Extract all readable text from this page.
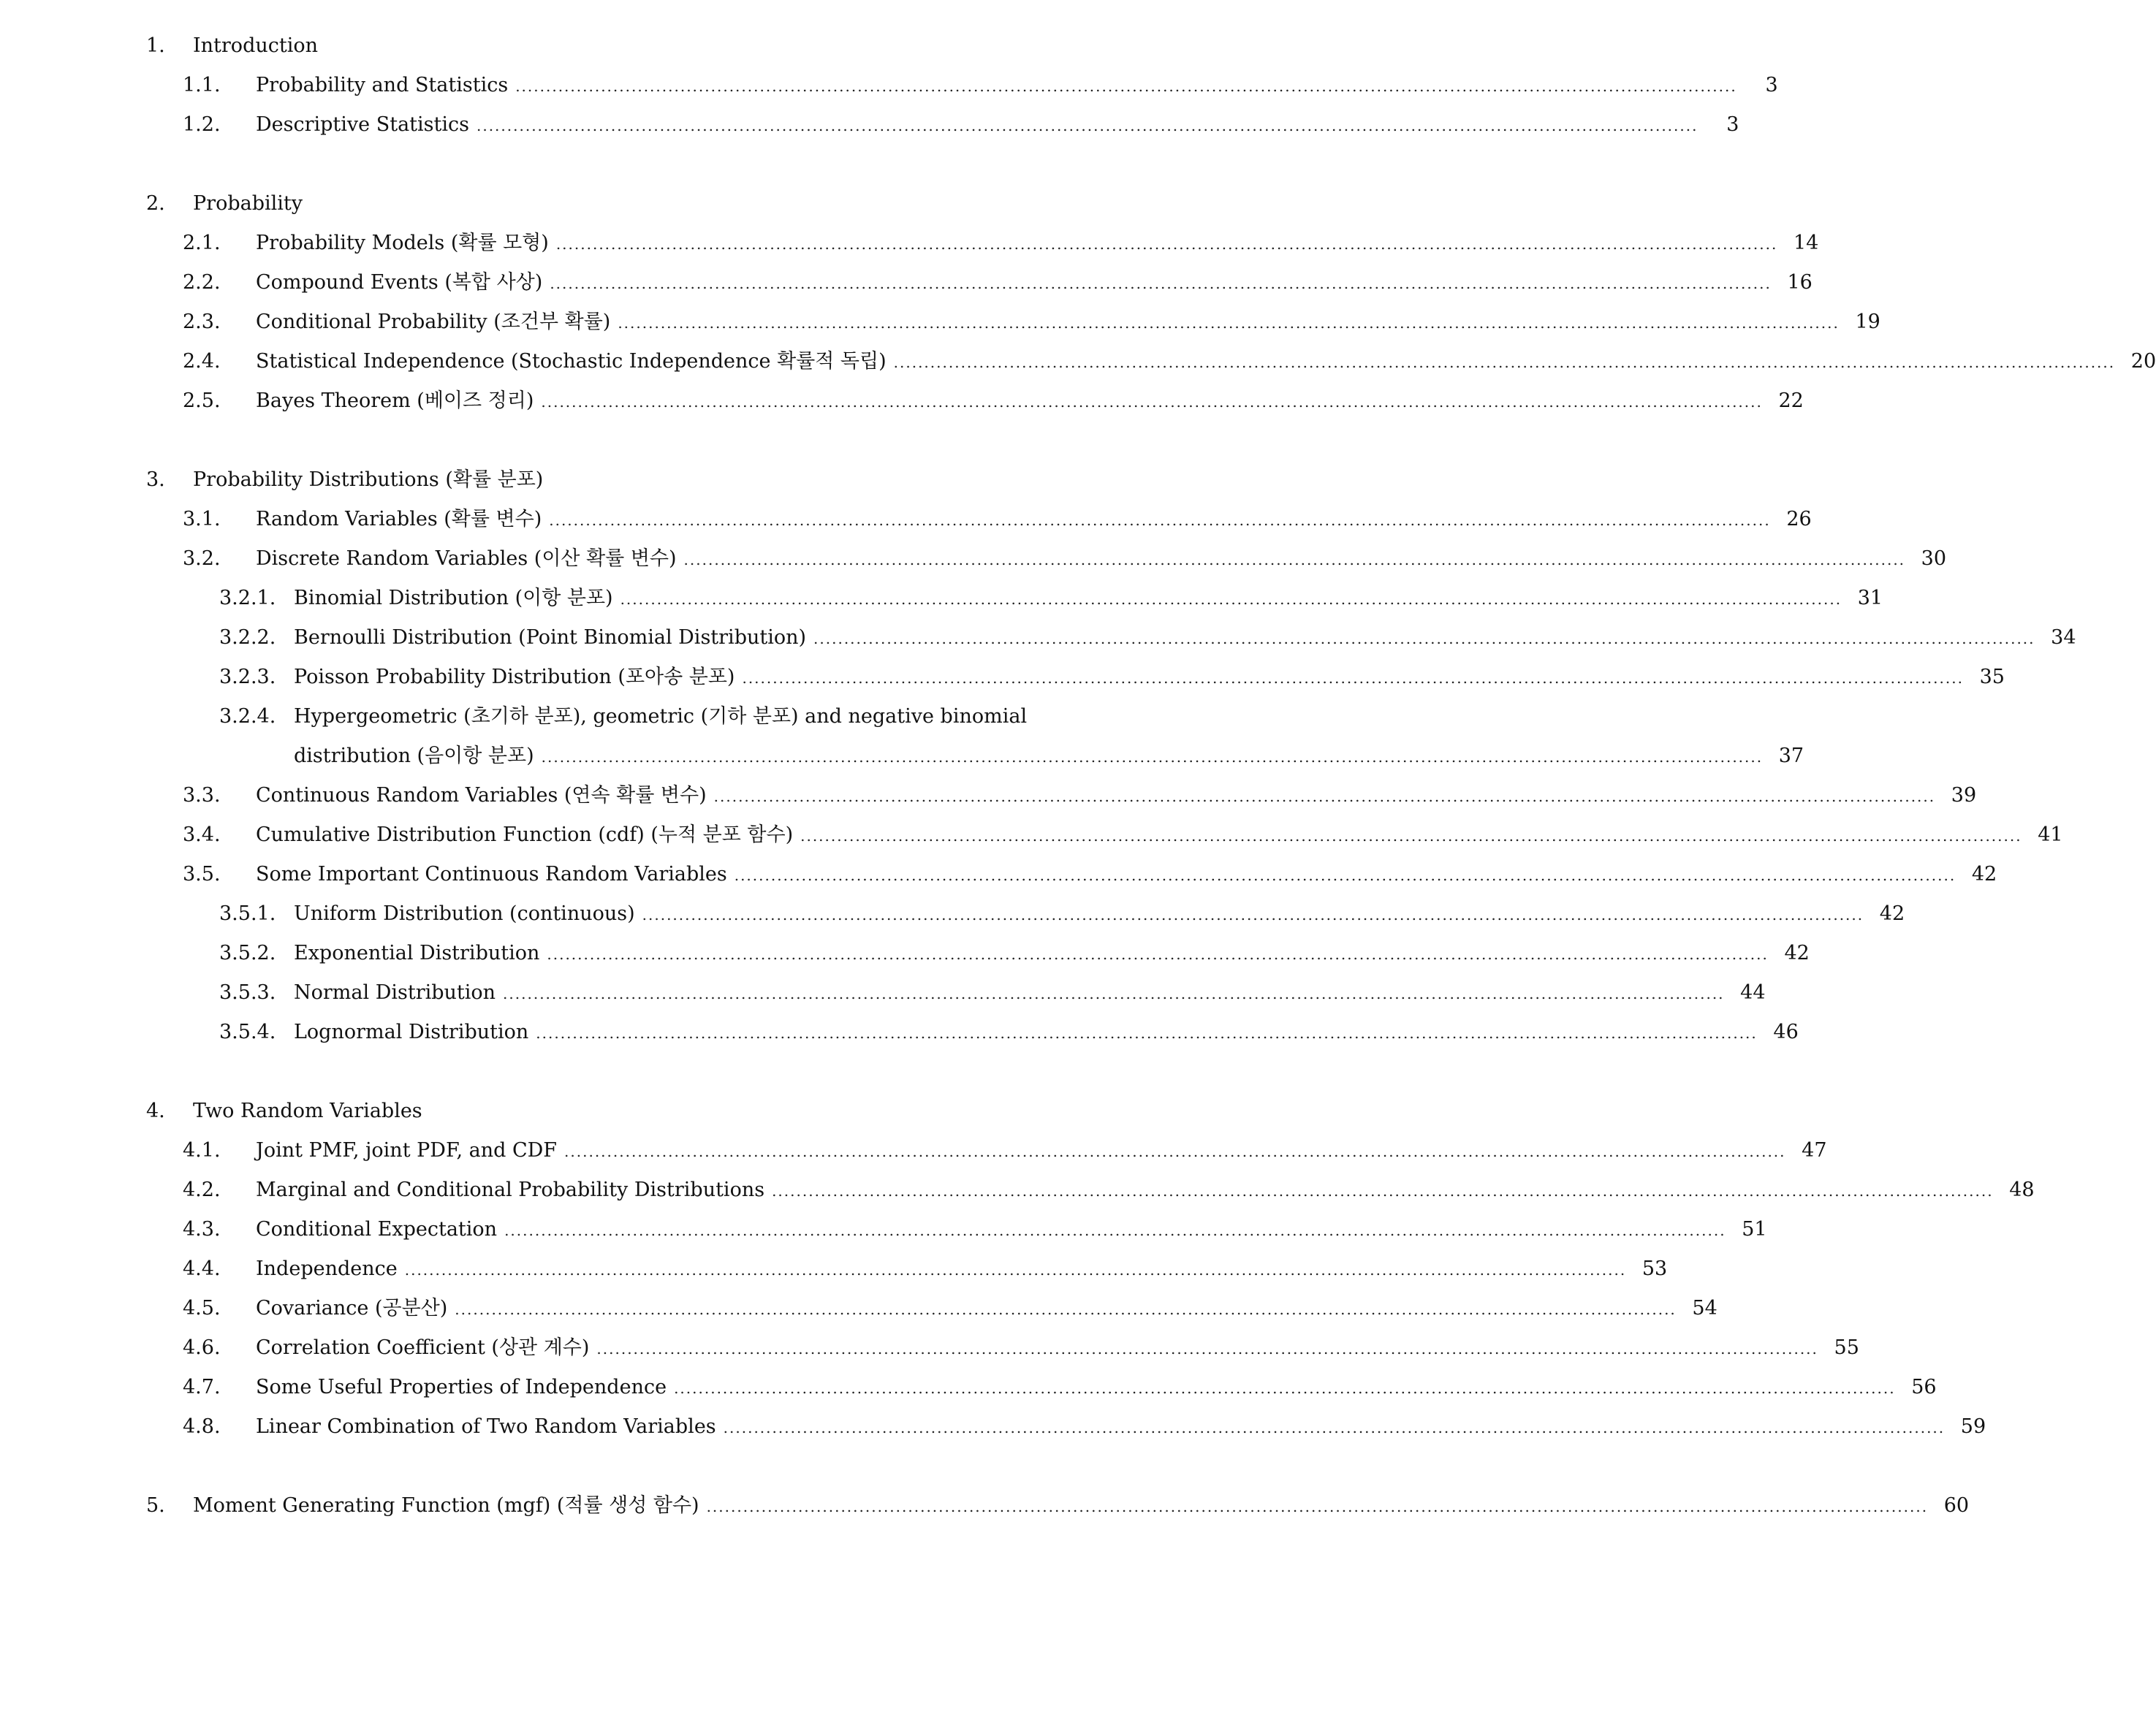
1. Introduction
1.1. Probability and Statistics ........................................................................................................................................................................................................	3
1.2. Descriptive Statistics ........................................................................................................................................................................................................	3
2. Probability
2.1. Probability Models (확률 모형) ........................................................................................................................................................................................................ 14
2.2. Compound Events (복합 사상) ........................................................................................................................................................................................................ 16
2.3. Conditional Probability (조건부 확률) ........................................................................................................................................................................................................ 19
2.4. Statistical Independence (Stochastic Independence 확률적 독립) ........................................................................................................................................................................................................ 20
2.5. Bayes Theorem (베이즈 정리) ........................................................................................................................................................................................................ 22
3. Probability Distributions (확률 분포)
3.1. Random Variables (확률 변수) ........................................................................................................................................................................................................ 26
3.2. Discrete Random Variables (이산 확률 변수) ........................................................................................................................................................................................................ 30
3.2.1. Binomial Distribution (이항 분포) ........................................................................................................................................................................................................ 31
3.2.2. Bernoulli Distribution (Point Binomial Distribution) ........................................................................................................................................................................................................ 34
3.2.3. Poisson Probability Distribution (포아송 분포) ........................................................................................................................................................................................................ 35
3.2.4. Hypergeometric (초기하 분포), geometric (기하 분포) and negative binomial
distribution (음이항 분포) ........................................................................................................................................................................................................ 37
3.3. Continuous Random Variables (연속 확률 변수) ........................................................................................................................................................................................................ 39
3.4. Cumulative Distribution Function (cdf) (누적 분포 함수) ........................................................................................................................................................................................................ 41
3.5. Some Important Continuous Random Variables ........................................................................................................................................................................................................ 42
3.5.1. Uniform Distribution (continuous) ........................................................................................................................................................................................................ 42
3.5.2. Exponential Distribution ........................................................................................................................................................................................................ 42
3.5.3. Normal Distribution ........................................................................................................................................................................................................ 44
3.5.4. Lognormal Distribution ........................................................................................................................................................................................................ 46
4. Two Random Variables
4.1. Joint PMF, joint PDF, and CDF ........................................................................................................................................................................................................ 47
4.2. Marginal and Conditional Probability Distributions ........................................................................................................................................................................................................ 48
4.3. Conditional Expectation ........................................................................................................................................................................................................ 51
4.4. Independence ........................................................................................................................................................................................................ 53
4.5. Covariance (공분산) ........................................................................................................................................................................................................ 54
4.6. Correlation Coefficient (상관 계수) ........................................................................................................................................................................................................ 55
4.7. Some Useful Properties of Independence ........................................................................................................................................................................................................ 56
4.8. Linear Combination of Two Random Variables ........................................................................................................................................................................................................ 59
5. Moment Generating Function (mgf) (적률 생성 함수) ........................................................................................................................................................................................................ 60
